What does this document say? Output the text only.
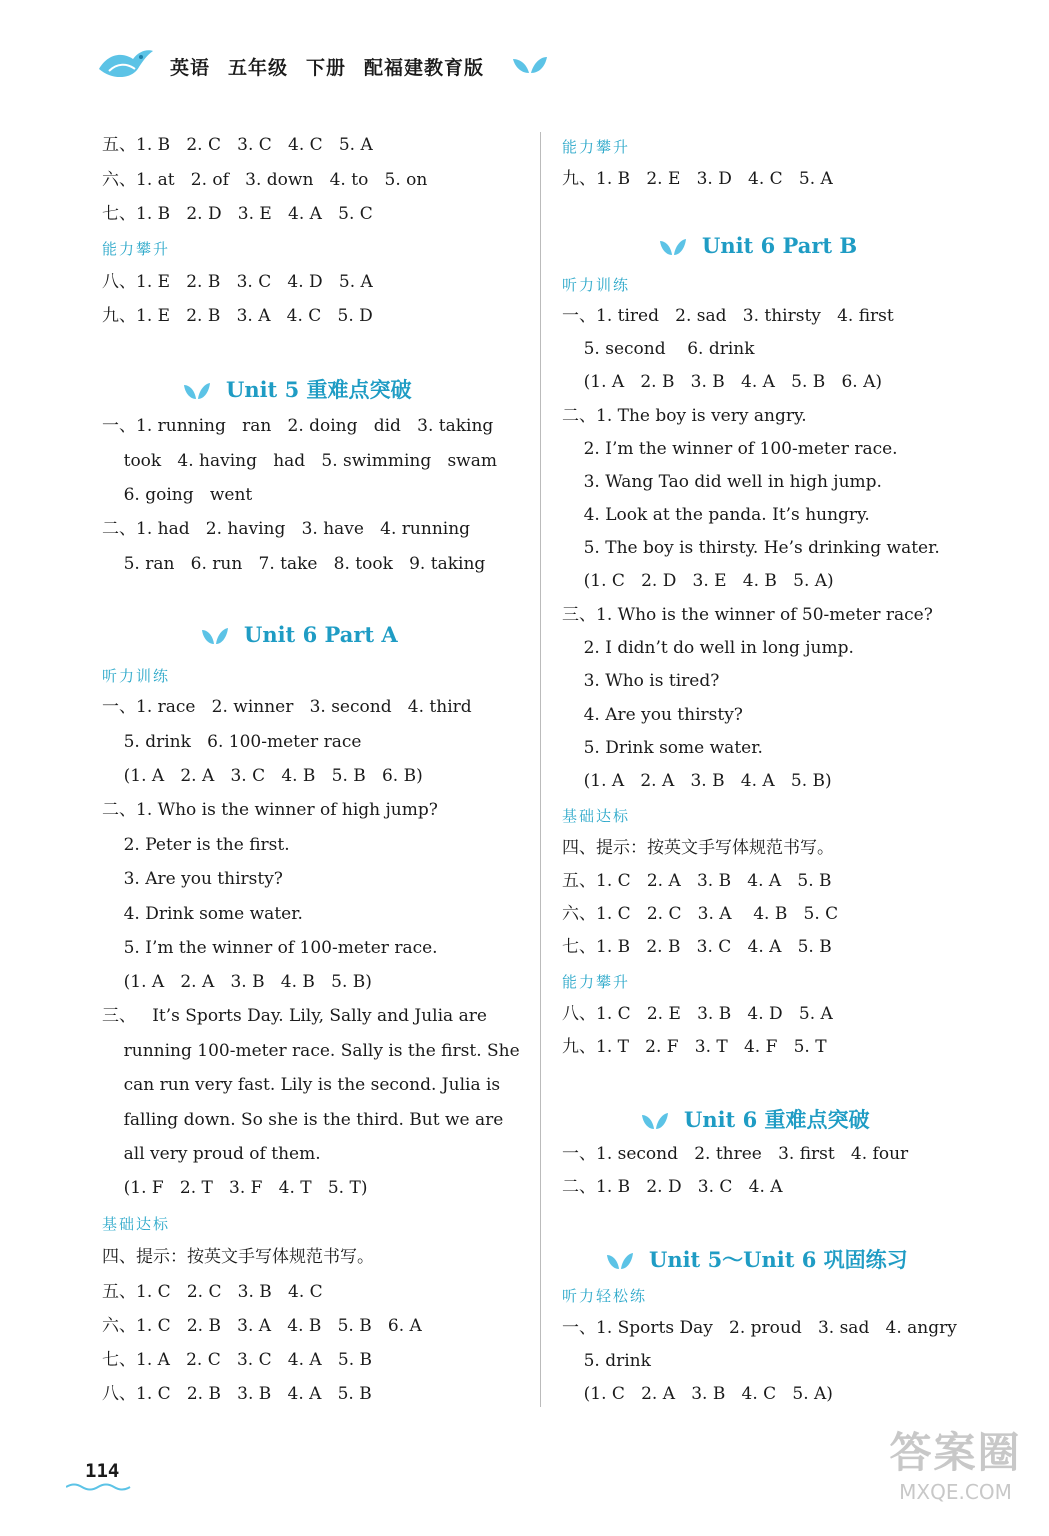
英语 五年级 下册 配福建教育版
五、1. B   2. C   3. C   4. C   5. A
六、1. at   2. of   3. down   4. to   5. on
七、1. B   2. D   3. E   4. A   5. C
能力攀升
八、1. E   2. B   3. C   4. D   5. A
九、1. E   2. B   3. A   4. C   5. D
Unit 5 重难点突破
一、1. running   ran   2. doing   did   3. taking
took   4. having   had   5. swimming   swam
6. going   went
二、1. had   2. having   3. have   4. running
5. ran   6. run   7. take   8. took   9. taking
Unit 6 Part A
听力训练
一、1. race   2. winner   3. second   4. third
5. drink   6. 100-meter race
(1. A   2. A   3. C   4. B   5. B   6. B)
二、1. Who is the winner of high jump?
2. Peter is the first.
3. Are you thirsty?
4. Drink some water.
5. I’m the winner of 100-meter race.
(1. A   2. A   3. B   4. B   5. B)
三、   It’s Sports Day. Lily, Sally and Julia are
running 100-meter race. Sally is the first. She
can run very fast. Lily is the second. Julia is
falling down. So she is the third. But we are
all very proud of them.
(1. F   2. T   3. F   4. T   5. T)
基础达标
四、提示：按英文手写体规范书写。
五、1. C   2. C   3. B   4. C
六、1. C   2. B   3. A   4. B   5. B   6. A
七、1. A   2. C   3. C   4. A   5. B
八、1. C   2. B   3. B   4. A   5. B
能力攀升
九、1. B   2. E   3. D   4. C   5. A
Unit 6 Part B
听力训练
一、1. tired   2. sad   3. thirsty   4. first
5. second    6. drink
(1. A   2. B   3. B   4. A   5. B   6. A)
二、1. The boy is very angry.
2. I’m the winner of 100-meter race.
3. Wang Tao did well in high jump.
4. Look at the panda. It’s hungry.
5. The boy is thirsty. He’s drinking water.
(1. C   2. D   3. E   4. B   5. A)
三、1. Who is the winner of 50-meter race?
2. I didn’t do well in long jump.
3. Who is tired?
4. Are you thirsty?
5. Drink some water.
(1. A   2. A   3. B   4. A   5. B)
基础达标
四、提示：按英文手写体规范书写。
五、1. C   2. A   3. B   4. A   5. B
六、1. C   2. C   3. A    4. B   5. C
七、1. B   2. B   3. C   4. A   5. B
能力攀升
八、1. C   2. E   3. B   4. D   5. A
九、1. T   2. F   3. T   4. F   5. T
Unit 6 重难点突破
一、1. second   2. three   3. first   4. four
二、1. B   2. D   3. C   4. A
Unit 5～Unit 6 巩固练习
听力轻松练
一、1. Sports Day   2. proud   3. sad   4. angry
5. drink
(1. C   2. A   3. B   4. C   5. A)
114	答案圈
MXQE.COM
